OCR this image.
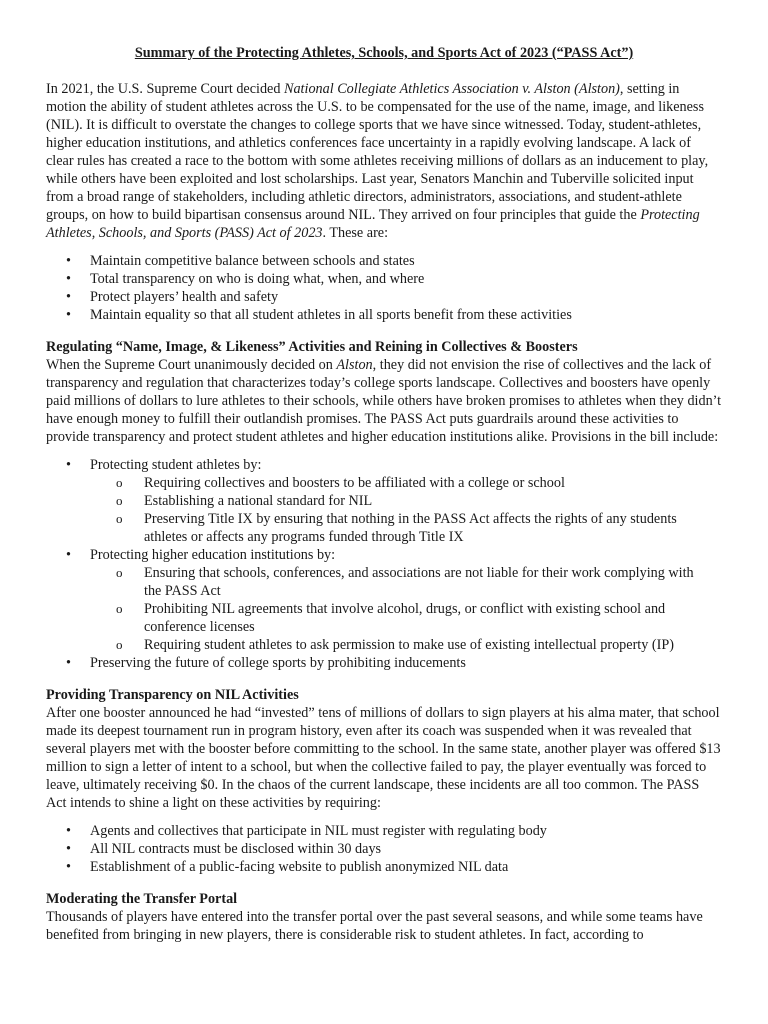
Summary of the Protecting Athletes, Schools, and Sports Act of 2023 (“PASS Act”)

In 2021, the U.S. Supreme Court decided National Collegiate Athletics Association v. Alston (Alston), setting in motion the ability of student athletes across the U.S. to be compensated for the use of the name, image, and likeness (NIL). It is difficult to overstate the changes to college sports that we have since witnessed. Today, student-athletes, higher education institutions, and athletics conferences face uncertainty in a rapidly evolving landscape. A lack of clear rules has created a race to the bottom with some athletes receiving millions of dollars as an inducement to play, while others have been exploited and lost scholarships. Last year, Senators Manchin and Tuberville solicited input from a broad range of stakeholders, including athletic directors, administrators, associations, and student-athlete groups, on how to build bipartisan consensus around NIL. They arrived on four principles that guide the Protecting Athletes, Schools, and Sports (PASS) Act of 2023. These are:

• Maintain competitive balance between schools and states
• Total transparency on who is doing what, when, and where
• Protect players’ health and safety
• Maintain equality so that all student athletes in all sports benefit from these activities
Regulating “Name, Image, & Likeness” Activities and Reining in Collectives & Boosters

When the Supreme Court unanimously decided on Alston, they did not envision the rise of collectives and the lack of transparency and regulation that characterizes today’s college sports landscape. Collectives and boosters have openly paid millions of dollars to lure athletes to their schools, while others have broken promises to athletes when they didn’t have enough money to fulfill their outlandish promises. The PASS Act puts guardrails around these activities to provide transparency and protect student athletes and higher education institutions alike. Provisions in the bill include:

• Protecting student athletes by:
o Requiring collectives and boosters to be affiliated with a college or school
o Establishing a national standard for NIL
o Preserving Title IX by ensuring that nothing in the PASS Act affects the rights of any students athletes or affects any programs funded through Title IX
• Protecting higher education institutions by:
o Ensuring that schools, conferences, and associations are not liable for their work complying with the PASS Act
o Prohibiting NIL agreements that involve alcohol, drugs, or conflict with existing school and conference licenses
o Requiring student athletes to ask permission to make use of existing intellectual property (IP)
• Preserving the future of college sports by prohibiting inducements
Providing Transparency on NIL Activities

After one booster announced he had “invested” tens of millions of dollars to sign players at his alma mater, that school made its deepest tournament run in program history, even after its coach was suspended when it was revealed that several players met with the booster before committing to the school. In the same state, another player was offered $13 million to sign a letter of intent to a school, but when the collective failed to pay, the player eventually was forced to leave, ultimately receiving $0. In the chaos of the current landscape, these incidents are all too common. The PASS Act intends to shine a light on these activities by requiring:

• Agents and collectives that participate in NIL must register with regulating body
• All NIL contracts must be disclosed within 30 days
• Establishment of a public-facing website to publish anonymized NIL data
Moderating the Transfer Portal

Thousands of players have entered into the transfer portal over the past several seasons, and while some teams have benefited from bringing in new players, there is considerable risk to student athletes. In fact, according to
